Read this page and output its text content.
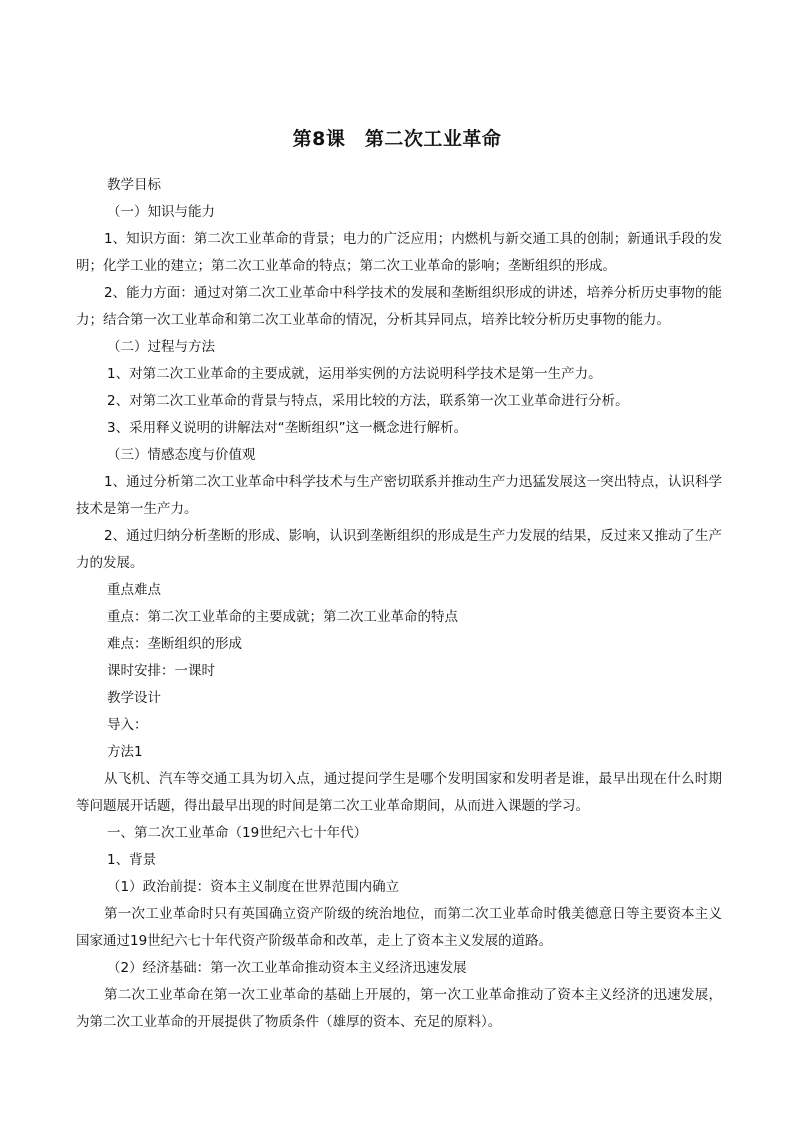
第8课　第二次工业革命
教学目标
（一）知识与能力
1、知识方面：第二次工业革命的背景；电力的广泛应用；内燃机与新交通工具的创制；新通讯手段的发明；化学工业的建立；第二次工业革命的特点；第二次工业革命的影响；垄断组织的形成。
2、能力方面：通过对第二次工业革命中科学技术的发展和垄断组织形成的讲述，培养分析历史事物的能力；结合第一次工业革命和第二次工业革命的情况，分析其异同点，培养比较分析历史事物的能力。
（二）过程与方法
1、对第二次工业革命的主要成就，运用举实例的方法说明科学技术是第一生产力。
2、对第二次工业革命的背景与特点，采用比较的方法，联系第一次工业革命进行分析。
3、采用释义说明的讲解法对“垄断组织”这一概念进行解析。
（三）情感态度与价值观
1、通过分析第二次工业革命中科学技术与生产密切联系并推动生产力迅猛发展这一突出特点，认识科学技术是第一生产力。
2、通过归纳分析垄断的形成、影响，认识到垄断组织的形成是生产力发展的结果，反过来又推动了生产力的发展。
重点难点
重点：第二次工业革命的主要成就；第二次工业革命的特点
难点：垄断组织的形成
课时安排：一课时
教学设计
导入：
方法1
从飞机、汽车等交通工具为切入点，通过提问学生是哪个发明国家和发明者是谁，最早出现在什么时期等问题展开话题，得出最早出现的时间是第二次工业革命期间，从而进入课题的学习。
一、第二次工业革命（19世纪六七十年代）
1、背景
（1）政治前提：资本主义制度在世界范围内确立
第一次工业革命时只有英国确立资产阶级的统治地位，而第二次工业革命时俄美德意日等主要资本主义国家通过19世纪六七十年代资产阶级革命和改革，走上了资本主义发展的道路。
（2）经济基础：第一次工业革命推动资本主义经济迅速发展
第二次工业革命在第一次工业革命的基础上开展的，第一次工业革命推动了资本主义经济的迅速发展，为第二次工业革命的开展提供了物质条件（雄厚的资本、充足的原料）。
